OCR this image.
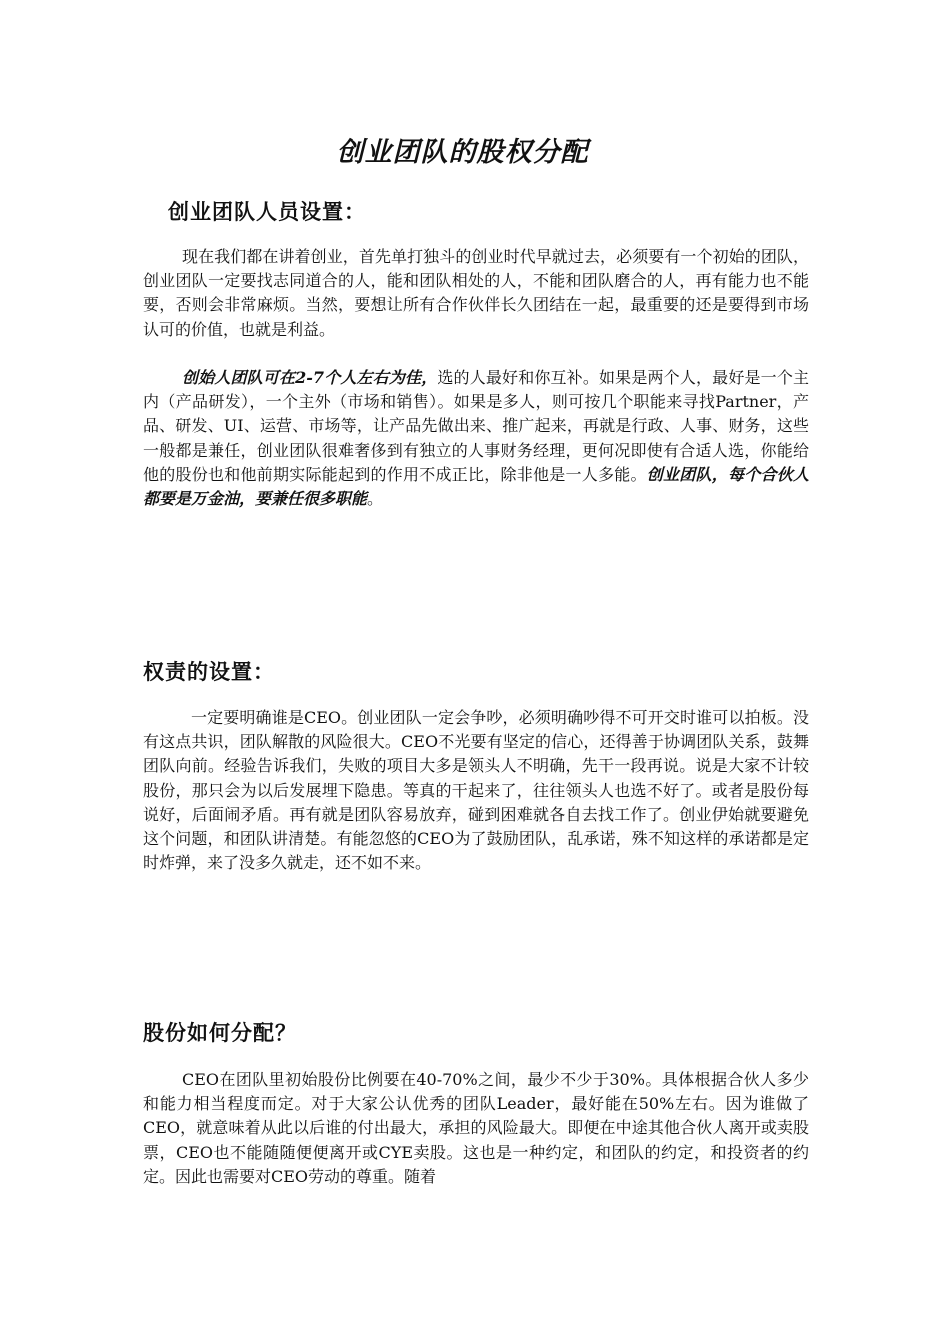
创业团队的股权分配
创业团队人员设置：

现在我们都在讲着创业，首先单打独斗的创业时代早就过去，必须要有一个初始的团队，创业团队一定要找志同道合的人，能和团队相处的人，不能和团队磨合的人，再有能力也不能要，否则会非常麻烦。当然，要想让所有合作伙伴长久团结在一起，最重要的还是要得到市场认可的价值，也就是利益。

创始人团队可在2-7个人左右为佳，选的人最好和你互补。如果是两个人，最好是一个主内（产品研发），一个主外（市场和销售）。如果是多人，则可按几个职能来寻找Partner，产品、研发、UI、运营、市场等，让产品先做出来、推广起来，再就是行政、人事、财务，这些一般都是兼任，创业团队很难奢侈到有独立的人事财务经理，更何况即使有合适人选，你能给他的股份也和他前期实际能起到的作用不成正比，除非他是一人多能。创业团队，每个合伙人都要是万金油，要兼任很多职能。

权责的设置：

一定要明确谁是CEO。创业团队一定会争吵，必须明确吵得不可开交时谁可以拍板。没有这点共识，团队解散的风险很大。CEO不光要有坚定的信心，还得善于协调团队关系，鼓舞团队向前。经验告诉我们，失败的项目大多是领头人不明确，先干一段再说。说是大家不计较股份，那只会为以后发展埋下隐患。等真的干起来了，往往领头人也选不好了。或者是股份每说好，后面闹矛盾。再有就是团队容易放弃，碰到困难就各自去找工作了。创业伊始就要避免这个问题，和团队讲清楚。有能忽悠的CEO为了鼓励团队，乱承诺，殊不知这样的承诺都是定时炸弹，来了没多久就走，还不如不来。

股份如何分配？

CEO在团队里初始股份比例要在40-70%之间，最少不少于30%。具体根据合伙人多少和能力相当程度而定。对于大家公认优秀的团队Leader，最好能在50%左右。因为谁做了CEO，就意味着从此以后谁的付出最大，承担的风险最大。即便在中途其他合伙人离开或卖股票，CEO也不能随随便便离开或CYE卖股。这也是一种约定，和团队的约定，和投资者的约定。因此也需要对CEO劳动的尊重。随着
